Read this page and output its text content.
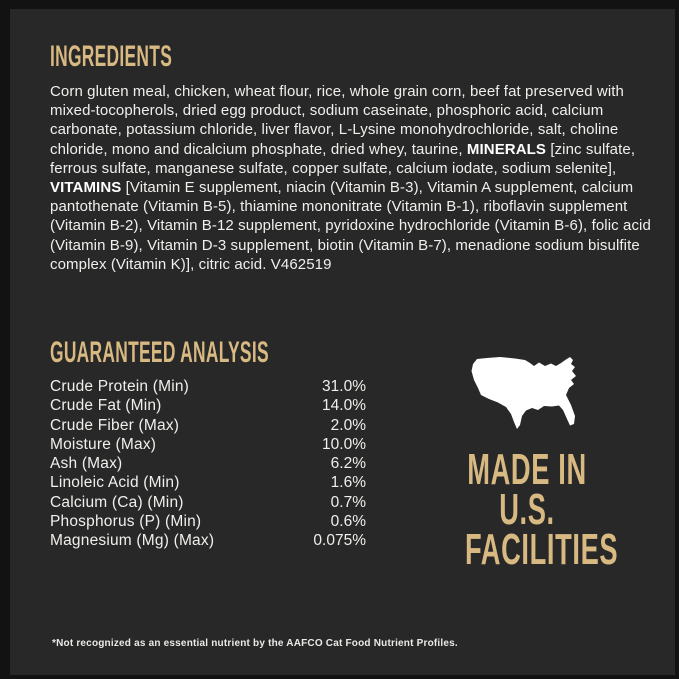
INGREDIENTS

Corn gluten meal, chicken, wheat flour, rice, whole grain corn, beef fat preserved with mixed-tocopherols, dried egg product, sodium caseinate, phosphoric acid, calcium carbonate, potassium chloride, liver flavor, L-Lysine monohydrochloride, salt, choline chloride, mono and dicalcium phosphate, dried whey, taurine, MINERALS [zinc sulfate, ferrous sulfate, manganese sulfate, copper sulfate, calcium iodate, sodium selenite], VITAMINS [Vitamin E supplement, niacin (Vitamin B-3), Vitamin A supplement, calcium pantothenate (Vitamin B-5), thiamine mononitrate (Vitamin B-1), riboflavin supplement (Vitamin B-2), Vitamin B-12 supplement, pyridoxine hydrochloride (Vitamin B-6), folic acid (Vitamin B-9), Vitamin D-3 supplement, biotin (Vitamin B-7), menadione sodium bisulfite complex (Vitamin K)], citric acid. V462519

GUARANTEED ANALYSIS
Crude Protein (Min)	31.0%
Crude Fat (Min)	14.0%
Crude Fiber (Max)	2.0%
Moisture (Max)	10.0%
Ash (Max)	6.2%
Linoleic Acid (Min)	1.6%
Calcium (Ca) (Min)	0.7%
Phosphorus (P) (Min)	0.6%
Magnesium (Mg) (Max)	0.075%
MADE IN
U.S.
FACILITIES

*Not recognized as an essential nutrient by the AAFCO Cat Food Nutrient Profiles.
